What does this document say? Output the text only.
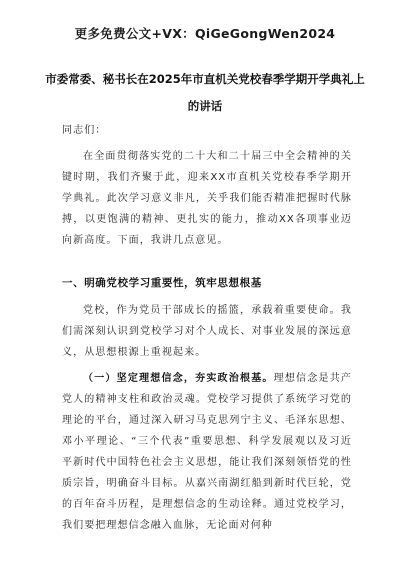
更多免费公文+VX：QiGeGongWen2024
市委常委、秘书长在2025年市直机关党校春季学期开学典礼上的讲话
同志们：
在全面贯彻落实党的二十大和二十届三中全会精神的关键时期，我们齐聚于此，迎来XX市直机关党校春季学期开学典礼。此次学习意义非凡，关乎我们能否精准把握时代脉搏，以更饱满的精神、更扎实的能力，推动XX各项事业迈向新高度。下面，我讲几点意见。
一、明确党校学习重要性，筑牢思想根基
党校，作为党员干部成长的摇篮，承载着重要使命。我们需深刻认识到党校学习对个人成长、对事业发展的深远意义，从思想根源上重视起来。
（一）坚定理想信念，夯实政治根基。理想信念是共产党人的精神支柱和政治灵魂。党校学习提供了系统学习党的理论的平台，通过深入研习马克思列宁主义、毛泽东思想、邓小平理论、“三个代表”重要思想、科学发展观以及习近平新时代中国特色社会主义思想，能让我们深刻领悟党的性质宗旨，明确奋斗目标。从嘉兴南湖红船到新时代巨轮，党的百年奋斗历程，是理想信念的生动诠释。通过党校学习，我们要把理想信念融入血脉，无论面对何种
